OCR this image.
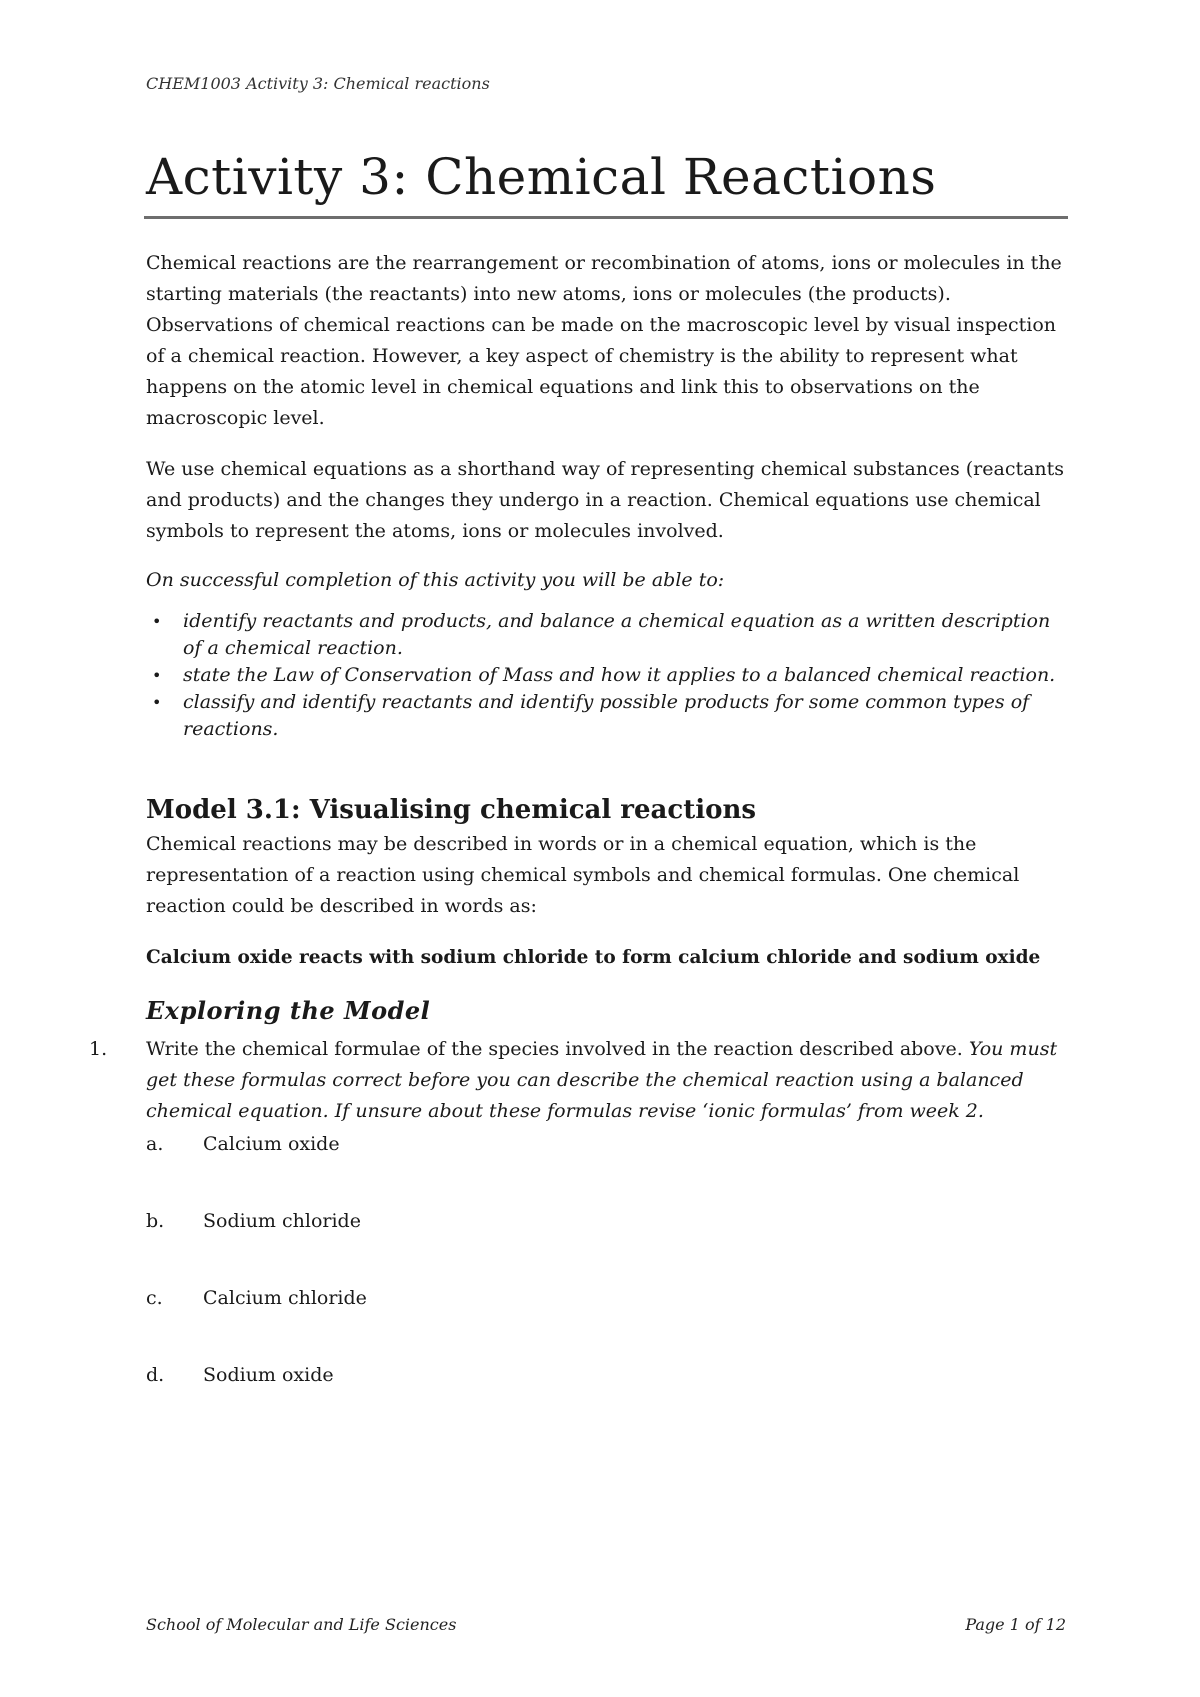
CHEM1003 Activity 3: Chemical reactions
Activity 3: Chemical Reactions

Chemical reactions are the rearrangement or recombination of atoms, ions or molecules in the starting materials (the reactants) into new atoms, ions or molecules (the products). Observations of chemical reactions can be made on the macroscopic level by visual inspection of a chemical reaction. However, a key aspect of chemistry is the ability to represent what happens on the atomic level in chemical equations and link this to observations on the macroscopic level.

We use chemical equations as a shorthand way of representing chemical substances (reactants and products) and the changes they undergo in a reaction. Chemical equations use chemical symbols to represent the atoms, ions or molecules involved.

On successful completion of this activity you will be able to:

• identify reactants and products, and balance a chemical equation as a written description of a chemical reaction.
• state the Law of Conservation of Mass and how it applies to a balanced chemical reaction.
• classify and identify reactants and identify possible products for some common types of reactions.
Model 3.1: Visualising chemical reactions

Chemical reactions may be described in words or in a chemical equation, which is the representation of a reaction using chemical symbols and chemical formulas. One chemical reaction could be described in words as:

Calcium oxide reacts with sodium chloride to form calcium chloride and sodium oxide

Exploring the Model
1. Write the chemical formulae of the species involved in the reaction described above. You must get these formulas correct before you can describe the chemical reaction using a balanced chemical equation. If unsure about these formulas revise ‘ionic formulas’ from week 2.
a. Calcium oxide
b. Sodium chloride
c. Calcium chloride
d. Sodium oxide
School of Molecular and Life Sciences	Page 1 of 12
